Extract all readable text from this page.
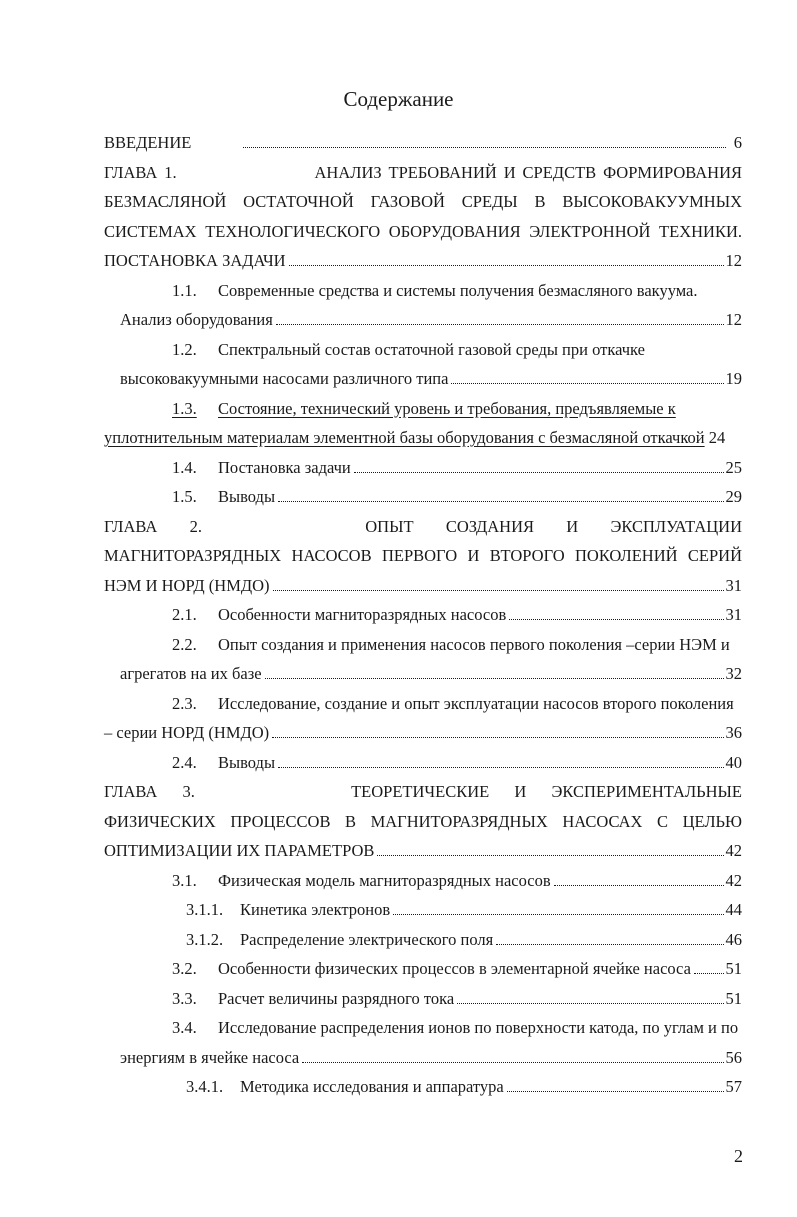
Содержание
ВВЕДЕНИЕ	6
ГЛАВА 1.	АНАЛИЗ ТРЕБОВАНИЙ И СРЕДСТВ ФОРМИРОВАНИЯ
БЕЗМАСЛЯНОЙ ОСТАТОЧНОЙ ГАЗОВОЙ СРЕДЫ В ВЫСОКОВАКУУМНЫХ
СИСТЕМАХ ТЕХНОЛОГИЧЕСКОГО ОБОРУДОВАНИЯ ЭЛЕКТРОННОЙ ТЕХНИКИ.
ПОСТАНОВКА ЗАДАЧИ	12
1.1. Современные средства и системы получения безмасляного вакуума.
Анализ оборудования	12
1.2. Спектральный состав остаточной газовой среды при откачке
высоковакуумными насосами различного типа	19
1.3. Состояние, технический уровень и требования, предъявляемые к
уплотнительным материалам элементной базы оборудования с безмасляной откачкой 24
1.4. Постановка задачи	25
1.5. Выводы	29
ГЛАВА 2.	ОПЫТ СОЗДАНИЯ И ЭКСПЛУАТАЦИИ
МАГНИТОРАЗРЯДНЫХ НАСОСОВ ПЕРВОГО И ВТОРОГО ПОКОЛЕНИЙ СЕРИЙ
НЭМ И НОРД (НМДО)	31
2.1. Особенности магниторазрядных насосов	31
2.2. Опыт создания и применения насосов первого поколения –серии НЭМ и
агрегатов на их базе	32
2.3. Исследование, создание и опыт эксплуатации насосов второго поколения
– серии НОРД (НМДО)	36
2.4. Выводы	40
ГЛАВА 3.	ТЕОРЕТИЧЕСКИЕ И ЭКСПЕРИМЕНТАЛЬНЫЕ
ФИЗИЧЕСКИХ ПРОЦЕССОВ В МАГНИТОРАЗРЯДНЫХ НАСОСАХ С ЦЕЛЬЮ
ОПТИМИЗАЦИИ ИХ ПАРАМЕТРОВ	42
3.1. Физическая модель магниторазрядных насосов	42
3.1.1. Кинетика электронов	44
3.1.2. Распределение электрического поля	46
3.2. Особенности физических процессов в элементарной ячейке насоса 51
3.3. Расчет величины разрядного тока	51
3.4. Исследование распределения ионов по поверхности катода, по углам и по
энергиям в ячейке насоса	56
3.4.1. Методика исследования и аппаратура	57
2
